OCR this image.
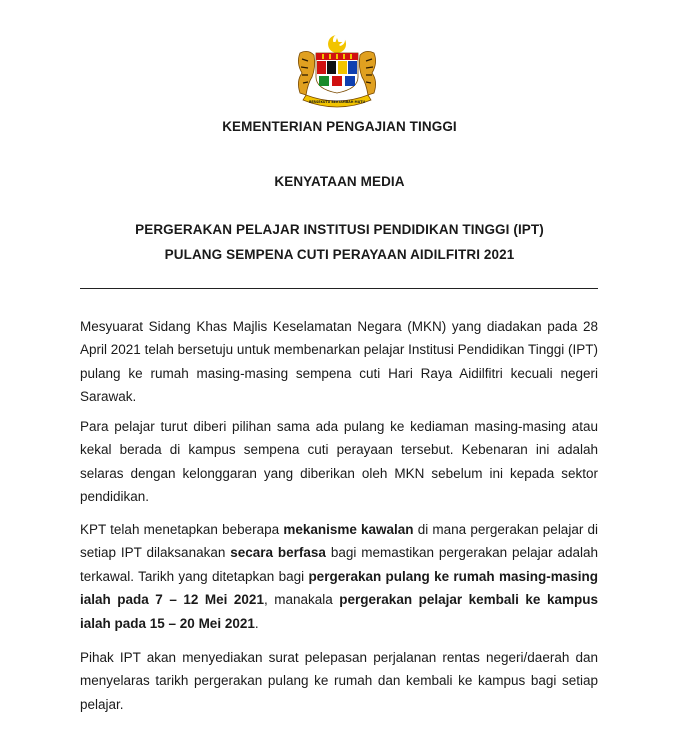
BERSEKUTU BERTAMBAH MUTU
KEMENTERIAN PENGAJIAN TINGGI
KENYATAAN MEDIA
PERGERAKAN PELAJAR INSTITUSI PENDIDIKAN TINGGI (IPT)
PULANG SEMPENA CUTI PERAYAAN AIDILFITRI 2021

Mesyuarat Sidang Khas Majlis Keselamatan Negara (MKN) yang diadakan pada 28 April 2021 telah bersetuju untuk membenarkan pelajar Institusi Pendidikan Tinggi (IPT) pulang ke rumah masing-masing sempena cuti Hari Raya Aidilfitri kecuali negeri Sarawak.

Para pelajar turut diberi pilihan sama ada pulang ke kediaman masing-masing atau kekal berada di kampus sempena cuti perayaan tersebut. Kebenaran ini adalah selaras dengan kelonggaran yang diberikan oleh MKN sebelum ini kepada sektor pendidikan.

KPT telah menetapkan beberapa mekanisme kawalan di mana pergerakan pelajar di setiap IPT dilaksanakan secara berfasa bagi memastikan pergerakan pelajar adalah terkawal. Tarikh yang ditetapkan bagi pergerakan pulang ke rumah masing-masing ialah pada 7 – 12 Mei 2021, manakala pergerakan pelajar kembali ke kampus ialah pada 15 – 20 Mei 2021.

Pihak IPT akan menyediakan surat pelepasan perjalanan rentas negeri/daerah dan menyelaras tarikh pergerakan pulang ke rumah dan kembali ke kampus bagi setiap pelajar.
